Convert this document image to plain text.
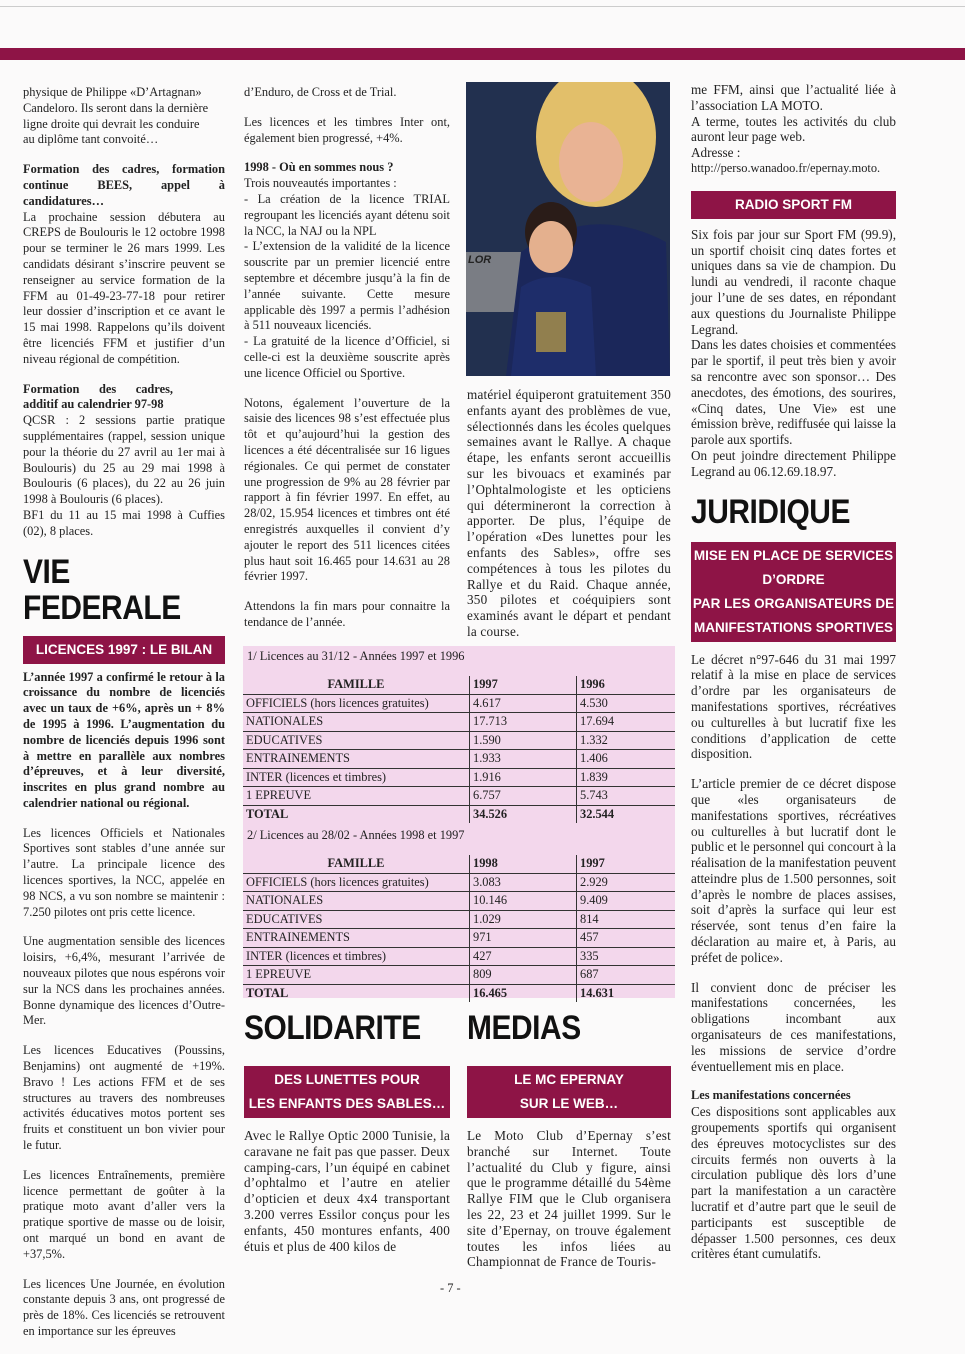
physique de Philippe «D’Artagnan»
Candeloro. Ils seront dans la dernière
ligne droite qui devrait les conduire
au diplôme tant convoité…

Formation des cadres, formation continue BEES, appel à candidatures…

La prochaine session débutera au CREPS de Boulouris le 12 octobre 1998 pour se terminer le 26 mars 1999. Les candidats désirant s’inscrire peuvent se renseigner au service formation de la FFM au 01-49-23-77-18 pour retirer leur dossier d’inscription et ce avant le 15 mai 1998. Rappelons qu’ils doivent être licenciés FFM et justifier d’un niveau régional de compétition.

Formation des cadres, additif au calendrier 97-98

QCSR : 2 sessions partie pratique supplémentaires (rappel, session unique pour la théorie du 27 avril au 1er mai à Boulouris) du 25 au 29 mai 1998 à Boulouris (6 places), du 22 au 26 juin 1998 à Boulouris (6 places).

BF1 du 11 au 15 mai 1998 à Cuffies (02), 8 places.

VIE FEDERALE
LICENCES 1997 : LE BILAN

L’année 1997 a confirmé le retour à la croissance du nombre de licenciés avec un taux de +6%, après un + 8% de 1995 à 1996. L’augmentation du nombre de licenciés depuis 1996 sont à mettre en parallèle aux nombres d’épreuves, et à leur diversité, inscrites en plus grand nombre au calendrier national ou régional.

Les licences Officiels et Nationales Sportives sont stables d’une année sur l’autre. La principale licence des licences sportives, la NCC, appelée en 98 NCS, a vu son nombre se maintenir : 7.250 pilotes ont pris cette licence.

Une augmentation sensible des licences loisirs, +6,4%, mesurant l’arrivée de nouveaux pilotes que nous espérons voir sur la NCS dans les prochaines années. Bonne dynamique des licences d’Outre-Mer.

Les licences Educatives (Poussins, Benjamins) ont augmenté de +19%. Bravo ! Les actions FFM et de ses structures au travers des nombreuses activités éducatives motos portent ses fruits et constituent un bon vivier pour le futur.

Les licences Entraînements, première licence permettant de goûter à la pratique moto avant d’aller vers la pratique sportive de masse ou de loisir, ont marqué un bond en avant de +37,5%.

Les licences Une Journée, en évolution constante depuis 3 ans, ont progressé de près de 18%. Ces licenciés se retrouvent en importance sur les épreuves

d’Enduro, de Cross et de Trial.

Les licences et les timbres Inter ont, également bien progressé, +4%.

1998 - Où en sommes nous ?

Trois nouveautés importantes :

- La création de la licence TRIAL regroupant les licenciés ayant détenu soit la NCC, la NAJ ou la NPL

- L’extension de la validité de la licence souscrite par un premier licencié entre septembre et décembre jusqu’à la fin de l’année suivante. Cette mesure applicable dès 1997 a permis l’adhésion à 511 nouveaux licenciés.

- La gratuité de la licence d’Officiel, si celle-ci est la deuxième souscrite après une licence Officiel ou Sportive.

Notons, également l’ouverture de la saisie des licences 98 s’est effectuée plus tôt et qu’aujourd’hui la gestion des licences a été décentralisée sur 16 ligues régionales. Ce qui permet de constater une progression de 9% au 28 février par rapport à fin février 1997. En effet, au 28/02, 15.954 licences et timbres ont été enregistrés auxquelles il convient d’y ajouter le report des 511 licences citées plus haut soit 16.465 pour 14.631 au 28 février 1997.

Attendons la fin mars pour connaitre la tendance de l’année.

LOR

matériel équiperont gratuitement 350 enfants ayant des problèmes de vue, sélectionnés dans les écoles quelques semaines avant le Rallye. A chaque étape, les enfants seront accueillis sur les bivouacs et examinés par l’Ophtalmologiste et les opticiens qui détermineront la correction à apporter. De plus, l’équipe de l’opération «Des lunettes pour les enfants des Sables», offre ses compétences à tous les pilotes du Rallye et du Raid. Chaque année, 350 pilotes et coéquipiers sont examinés avant le départ et pendant la course.

1/ Licences au 31/12 - Années 1997 et 1996
FAMILLE	1997	1996
OFFICIELS (hors licences gratuites)	4.617	4.530
NATIONALES	17.713	17.694
EDUCATIVES	1.590	1.332
ENTRAINEMENTS	1.933	1.406
INTER (licences et timbres)	1.916	1.839
1 EPREUVE	6.757	5.743
TOTAL	34.526	32.544
2/ Licences au 28/02 - Années 1998 et 1997
FAMILLE	1998	1997
OFFICIELS (hors licences gratuites)	3.083	2.929
NATIONALES	10.146	9.409
EDUCATIVES	1.029	814
ENTRAINEMENTS	971	457
INTER (licences et timbres)	427	335
1 EPREUVE	809	687
TOTAL	16.465	14.631
SOLIDARITE
DES LUNETTES POUR
LES ENFANTS DES SABLES…

Avec le Rallye Optic 2000 Tunisie, la caravane ne fait pas que passer. Deux camping-cars, l’un équipé en cabinet d’ophtalmo et l’autre en atelier d’opticien et deux 4x4 transportant 3.200 verres Essilor conçus pour les enfants, 450 montures enfants, 400 étuis et plus de 400 kilos de

MEDIAS
LE MC EPERNAY
SUR LE WEB…

Le Moto Club d’Epernay s’est branché sur Internet. Toute l’actualité du Club y figure, ainsi que le programme détaillé du 54ème Rallye FIM que le Club organisera les 22, 23 et 24 juillet 1999. Sur le site d’Epernay, on trouve également toutes les infos liées au Championnat de France de Touris-

me FFM, ainsi que l’actualité liée à l’association LA MOTO.

A terme, toutes les activités du club auront leur page web.

Adresse :

http://perso.wanadoo.fr/epernay.moto.

RADIO SPORT FM

Six fois par jour sur Sport FM (99.9), un sportif choisit cinq dates fortes et uniques dans sa vie de champion. Du lundi au vendredi, il raconte chaque jour l’une de ses dates, en répondant aux questions du Journaliste Philippe Legrand.

Dans les dates choisies et commentées par le sportif, il peut très bien y avoir sa rencontre avec son sponsor… Des anecdotes, des émotions, des sourires, «Cinq dates, Une Vie» est une émission brève, rediffusée qui laisse la parole aux sportifs.

On peut joindre directement Philippe Legrand au 06.12.69.18.97.

JURIDIQUE
MISE EN PLACE DE SERVICES
D’ORDRE
PAR LES ORGANISATEURS DE
MANIFESTATIONS SPORTIVES

Le décret n°97-646 du 31 mai 1997 relatif à la mise en place de services d’ordre par les organisateurs de manifestations sportives, récréatives ou culturelles à but lucratif fixe les conditions d’application de cette disposition.

L’article premier de ce décret dispose que «les organisateurs de manifestations sportives, récréatives ou culturelles à but lucratif dont le public et le personnel qui concourt à la réalisation de la manifestation peuvent atteindre plus de 1.500 personnes, soit d’après le nombre de places assises, soit d’après la surface qui leur est réservée, sont tenus d’en faire la déclaration au maire et, à Paris, au préfet de police».

Il convient donc de préciser les manifestations concernées, les obligations incombant aux organisateurs de ces manifestations, les missions de service d’ordre éventuellement mis en place.

Les manifestations concernées

Ces dispositions sont applicables aux groupements sportifs qui organisent des épreuves motocyclistes sur des circuits fermés non ouverts à la circulation publique dès lors d’une part la manifestation a un caractère lucratif et d’autre part que le seuil de participants est susceptible de dépasser 1.500 personnes, ces deux critères étant cumulatifs.

- 7 -
